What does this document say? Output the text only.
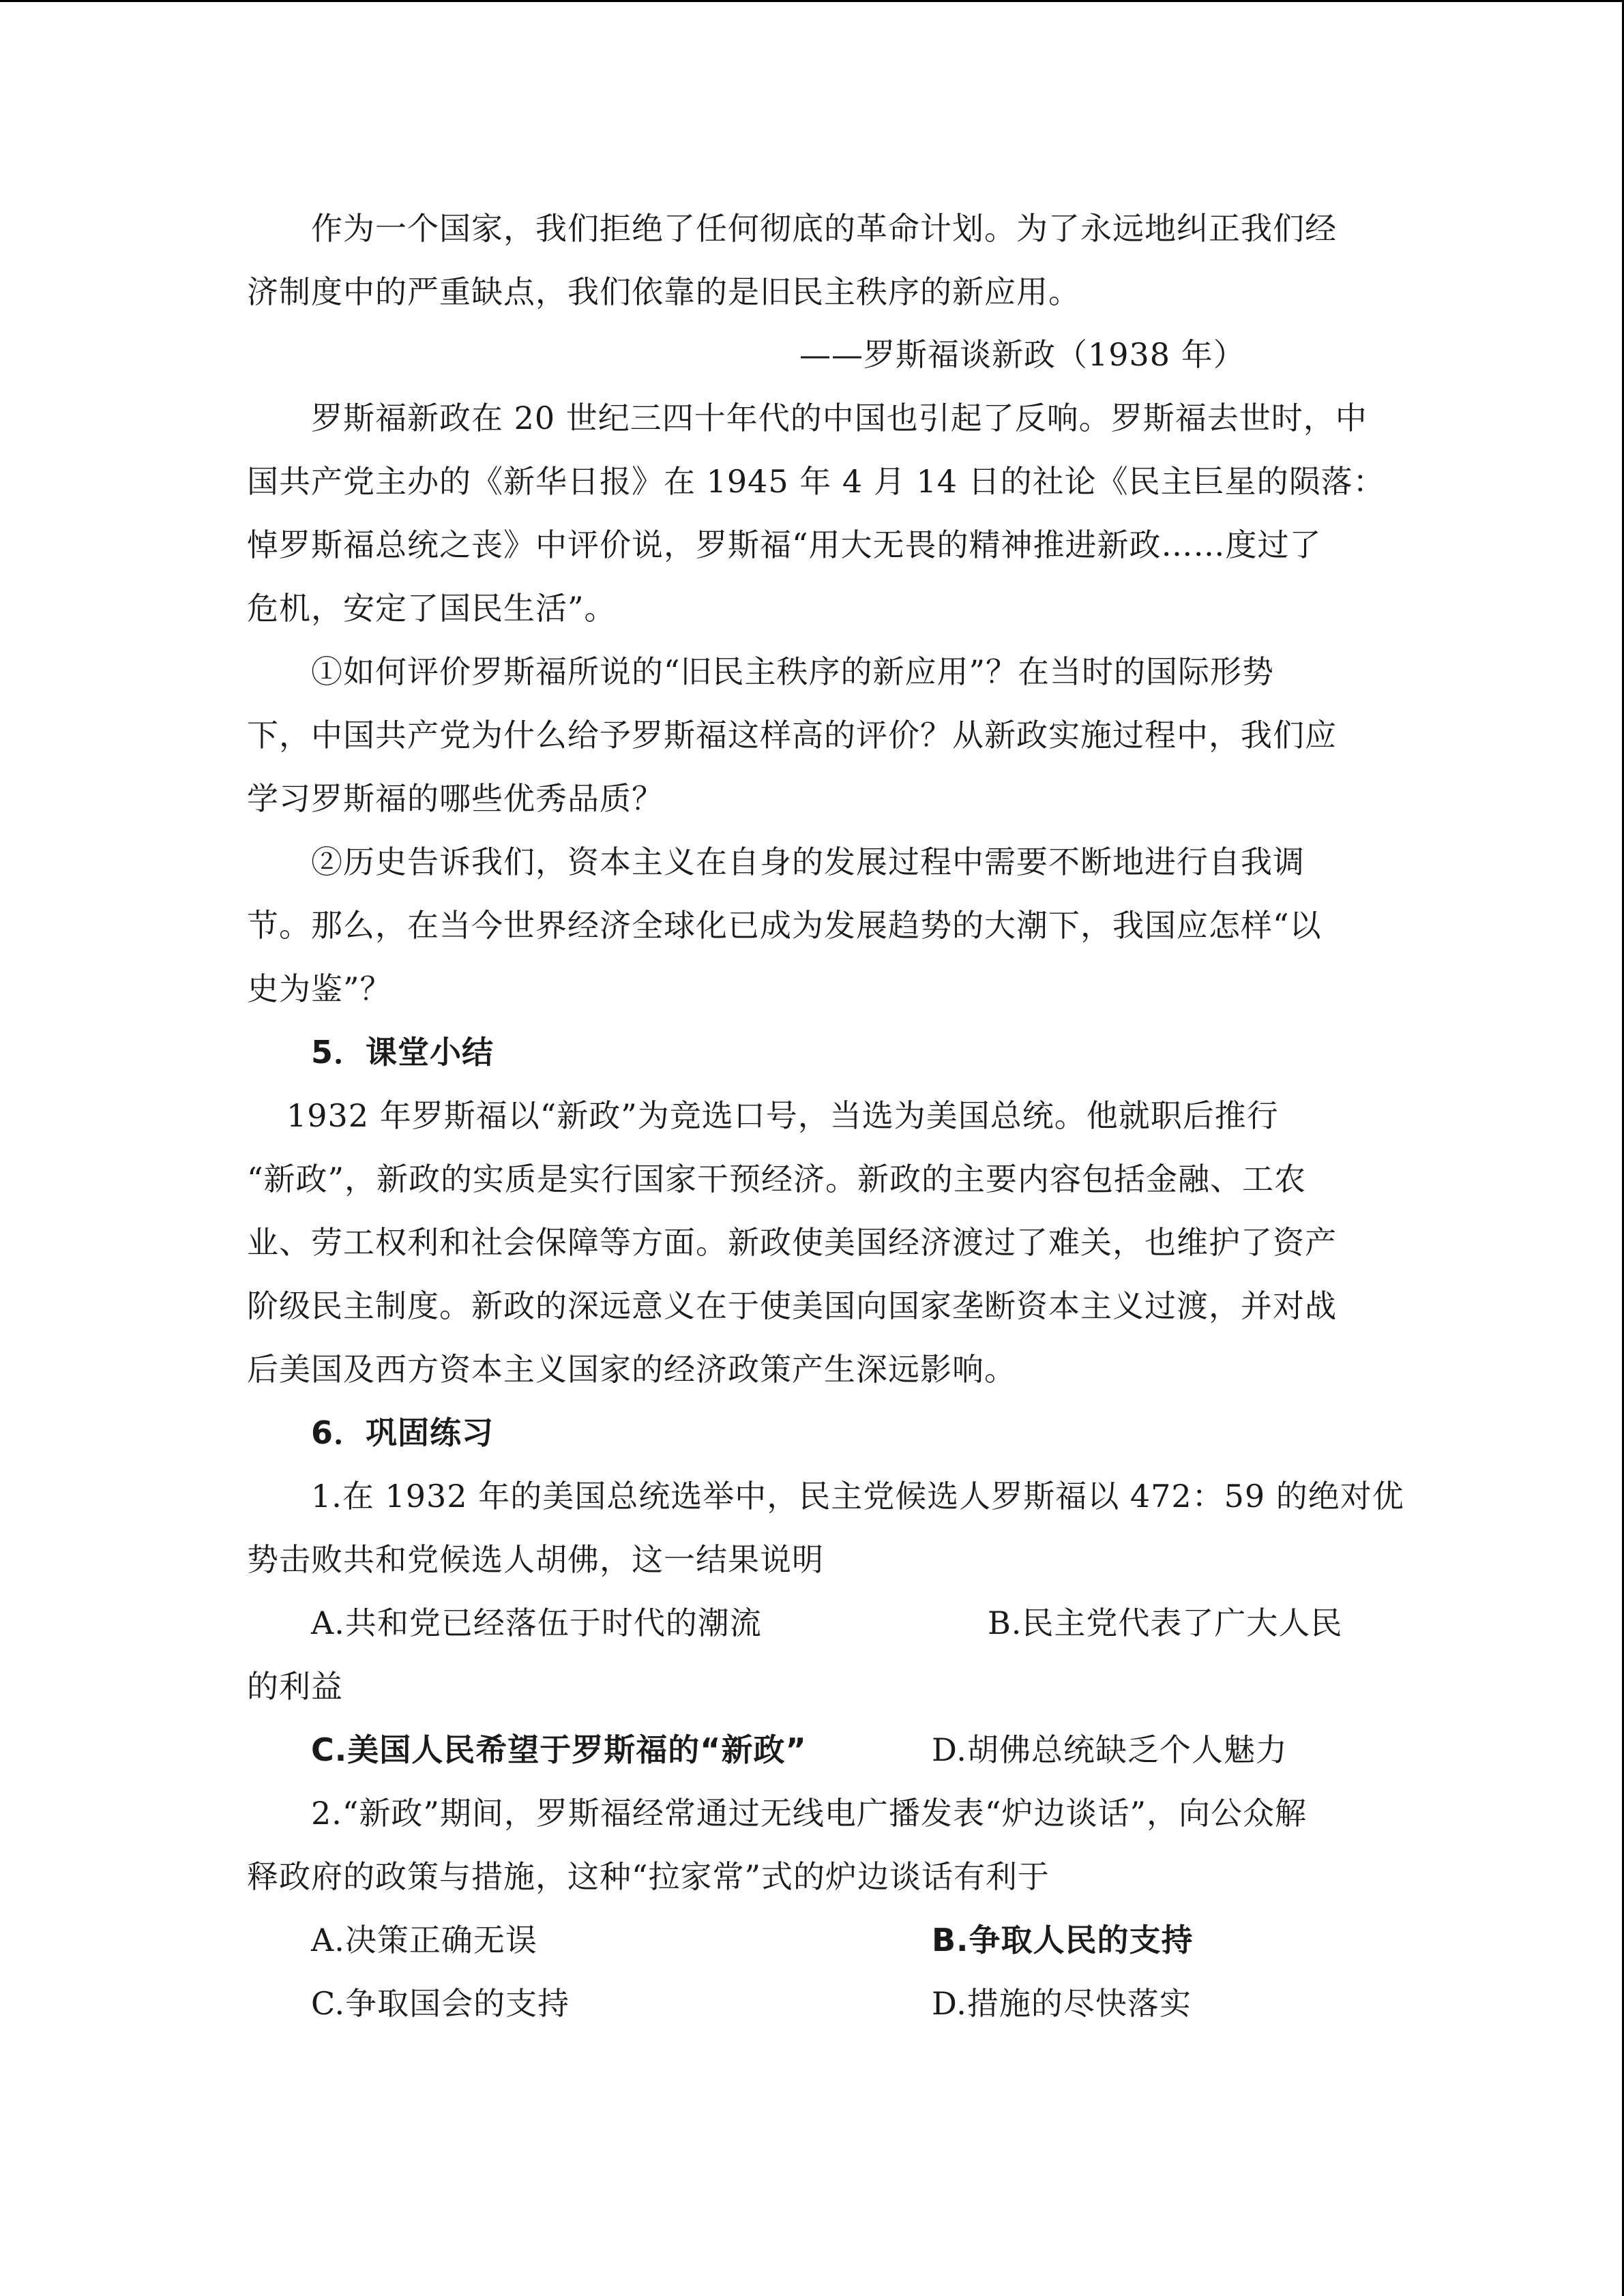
作为一个国家，我们拒绝了任何彻底的革命计划。为了永远地纠正我们经
济制度中的严重缺点，我们依靠的是旧民主秩序的新应用。
——罗斯福谈新政（1938 年）
罗斯福新政在 20 世纪三四十年代的中国也引起了反响。罗斯福去世时，中
国共产党主办的《新华日报》在 1945 年 4 月 14 日的社论《民主巨星的陨落：
悼罗斯福总统之丧》中评价说，罗斯福“用大无畏的精神推进新政……度过了
危机，安定了国民生活”。
①如何评价罗斯福所说的“旧民主秩序的新应用”？在当时的国际形势
下，中国共产党为什么给予罗斯福这样高的评价？从新政实施过程中，我们应
学习罗斯福的哪些优秀品质？
②历史告诉我们，资本主义在自身的发展过程中需要不断地进行自我调
节。那么，在当今世界经济全球化已成为发展趋势的大潮下，我国应怎样“以
史为鉴”？
5．课堂小结
1932 年罗斯福以“新政”为竞选口号，当选为美国总统。他就职后推行
“新政”，新政的实质是实行国家干预经济。新政的主要内容包括金融、工农
业、劳工权利和社会保障等方面。新政使美国经济渡过了难关，也维护了资产
阶级民主制度。新政的深远意义在于使美国向国家垄断资本主义过渡，并对战
后美国及西方资本主义国家的经济政策产生深远影响。
6．巩固练习
1.在 1932 年的美国总统选举中，民主党候选人罗斯福以 472：59 的绝对优
势击败共和党候选人胡佛，这一结果说明
A.共和党已经落伍于时代的潮流	B.民主党代表了广大人民
的利益
C.美国人民希望于罗斯福的“新政”	D.胡佛总统缺乏个人魅力
2.“新政”期间，罗斯福经常通过无线电广播发表“炉边谈话”，向公众解
释政府的政策与措施，这种“拉家常”式的炉边谈话有利于
A.决策正确无误	B.争取人民的支持
C.争取国会的支持	D.措施的尽快落实
